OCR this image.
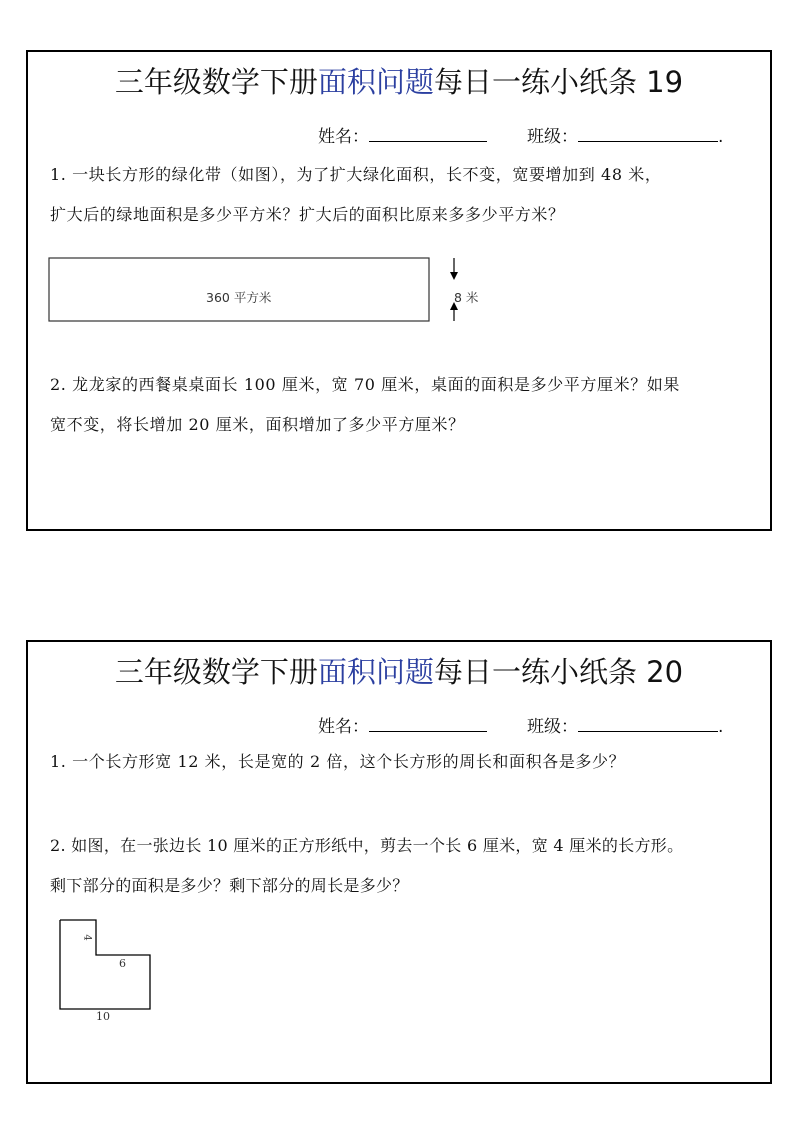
三年级数学下册面积问题每日一练小纸条 19
姓名：	班级：	.
1. 一块长方形的绿化带（如图），为了扩大绿化面积，长不变，宽要增加到 48 米，
扩大后的绿地面积是多少平方米？扩大后的面积比原来多多少平方米？
360 平方米	8 米
2. 龙龙家的西餐桌桌面长 100 厘米，宽 70 厘米，桌面的面积是多少平方厘米？如果
宽不变，将长增加 20 厘米，面积增加了多少平方厘米？
三年级数学下册面积问题每日一练小纸条 20
姓名：	班级：	.
1. 一个长方形宽 12 米，长是宽的 2 倍，这个长方形的周长和面积各是多少？
2. 如图，在一张边长 10 厘米的正方形纸中，剪去一个长 6 厘米，宽 4 厘米的长方形。
剩下部分的面积是多少？剩下部分的周长是多少？
4
6
10
